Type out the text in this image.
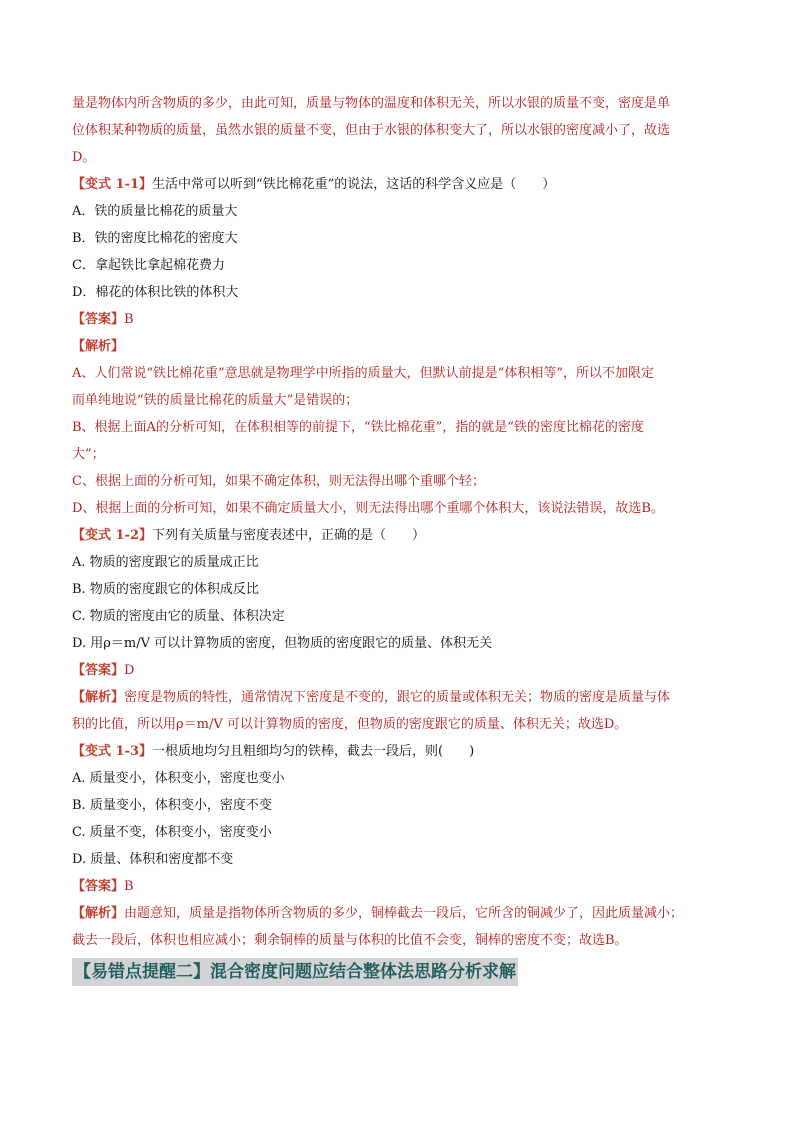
量是物体内所含物质的多少，由此可知，质量与物体的温度和体积无关，所以水银的质量不变，密度是单
位体积某种物质的质量，虽然水银的质量不变，但由于水银的体积变大了，所以水银的密度减小了，故选
D。
【变式 1-1】生活中常可以听到“铁比棉花重”的说法，这话的科学含义应是（　　）
A．铁的质量比棉花的质量大
B．铁的密度比棉花的密度大
C．拿起铁比拿起棉花费力
D．棉花的体积比铁的体积大
【答案】B
【解析】
A、人们常说“铁比棉花重”意思就是物理学中所指的质量大，但默认前提是“体积相等”，所以不加限定
而单纯地说“铁的质量比棉花的质量大”是错误的；
B、根据上面A的分析可知，在体积相等的前提下，“铁比棉花重”，指的就是“铁的密度比棉花的密度
大”；
C、根据上面的分析可知，如果不确定体积，则无法得出哪个重哪个轻；
D、根据上面的分析可知，如果不确定质量大小，则无法得出哪个重哪个体积大，该说法错误，故选B。
【变式 1-2】下列有关质量与密度表述中，正确的是（　　）
A. 物质的密度跟它的质量成正比
B. 物质的密度跟它的体积成反比
C. 物质的密度由它的质量、体积决定
D. 用ρ＝m/V 可以计算物质的密度，但物质的密度跟它的质量、体积无关
【答案】D
【解析】密度是物质的特性，通常情况下密度是不变的，跟它的质量或体积无关；物质的密度是质量与体
积的比值，所以用ρ＝m/V 可以计算物质的密度，但物质的密度跟它的质量、体积无关；故选D。
【变式 1-3】一根质地均匀且粗细均匀的铁棒，截去一段后，则(　　)
A. 质量变小，体积变小，密度也变小
B. 质量变小，体积变小，密度不变
C. 质量不变，体积变小，密度变小
D. 质量、体积和密度都不变
【答案】B
【解析】由题意知，质量是指物体所含物质的多少，铜棒截去一段后，它所含的铜减少了，因此质量减小；
截去一段后，体积也相应减小；剩余铜棒的质量与体积的比值不会变，铜棒的密度不变；故选B。
【易错点提醒二】混合密度问题应结合整体法思路分析求解
